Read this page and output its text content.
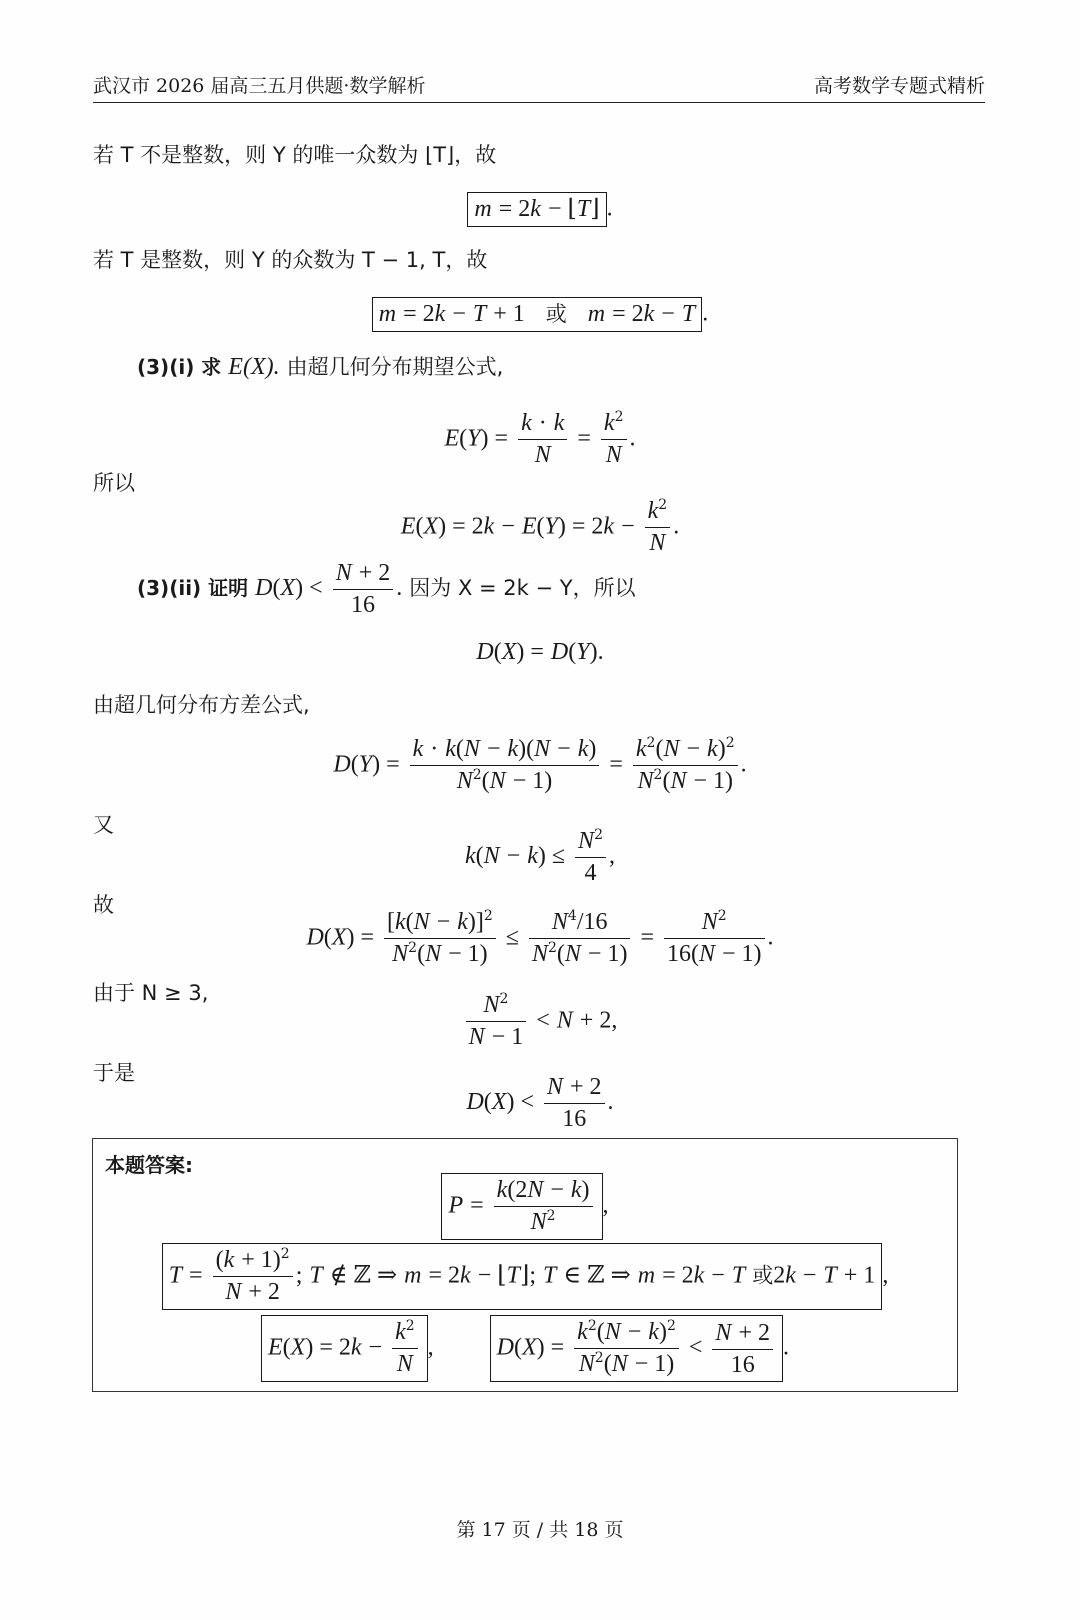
武汉市 2026 届高三五月供题·数学解析	高考数学专题式精析
若 T 不是整数，则 Y 的唯一众数为 ⌊T⌋，故
m = 2k − ⌊T⌋ .
若 T 是整数，则 Y 的众数为 T − 1, T，故
m = 2k − T + 1 或 m = 2k − T .
(3)(i) 求 E(X). 由超几何分布期望公式,
$E(Y) = \frac{k \cdot k}{N} = \frac{k^2}{N}$ .
所以
$E(X) = 2k - E(Y) = 2k - \frac{k^2}{N}$ .
(3)(ii) 证明 $D(X) < \frac{N + 2}{16}$ . 因为 X = 2k − Y，所以
D(X) = D(Y).
由超几何分布方差公式,
$D(Y) = \frac{k \cdot k(N - k)(N - k)}{N^2(N - 1)} = \frac{k^2(N - k)^2}{N^2(N - 1)}$ .
又
$k(N - k) \le \frac{N^2}{4}$ ,
故
$D(X) = \frac{[k(N - k)]^2}{N^2(N - 1)} \le \frac{N^4/16}{N^2(N - 1)} = \frac{N^2}{16(N - 1)}$ .
由于 N ≥ 3,	$\frac{N^2}{N - 1} < N + 2$,
于是
$D(X) < \frac{N + 2}{16}$ .
本题答案:
$P = \frac{k(2N - k)}{N^2}$ ,
$T = \frac{(k + 1)^2}{N + 2}$ ; T ∉ ℤ ⇒ m = 2k − ⌊T⌋; T ∈ ℤ ⇒ m = 2k − T 或2k − T + 1 ,
$E(X) = 2k - \frac{k^2}{N}$ ,	$D(X) = \frac{k^2(N - k)^2}{N^2(N - 1)} < \frac{N + 2}{16}$ .
第 17 页 / 共 18 页
